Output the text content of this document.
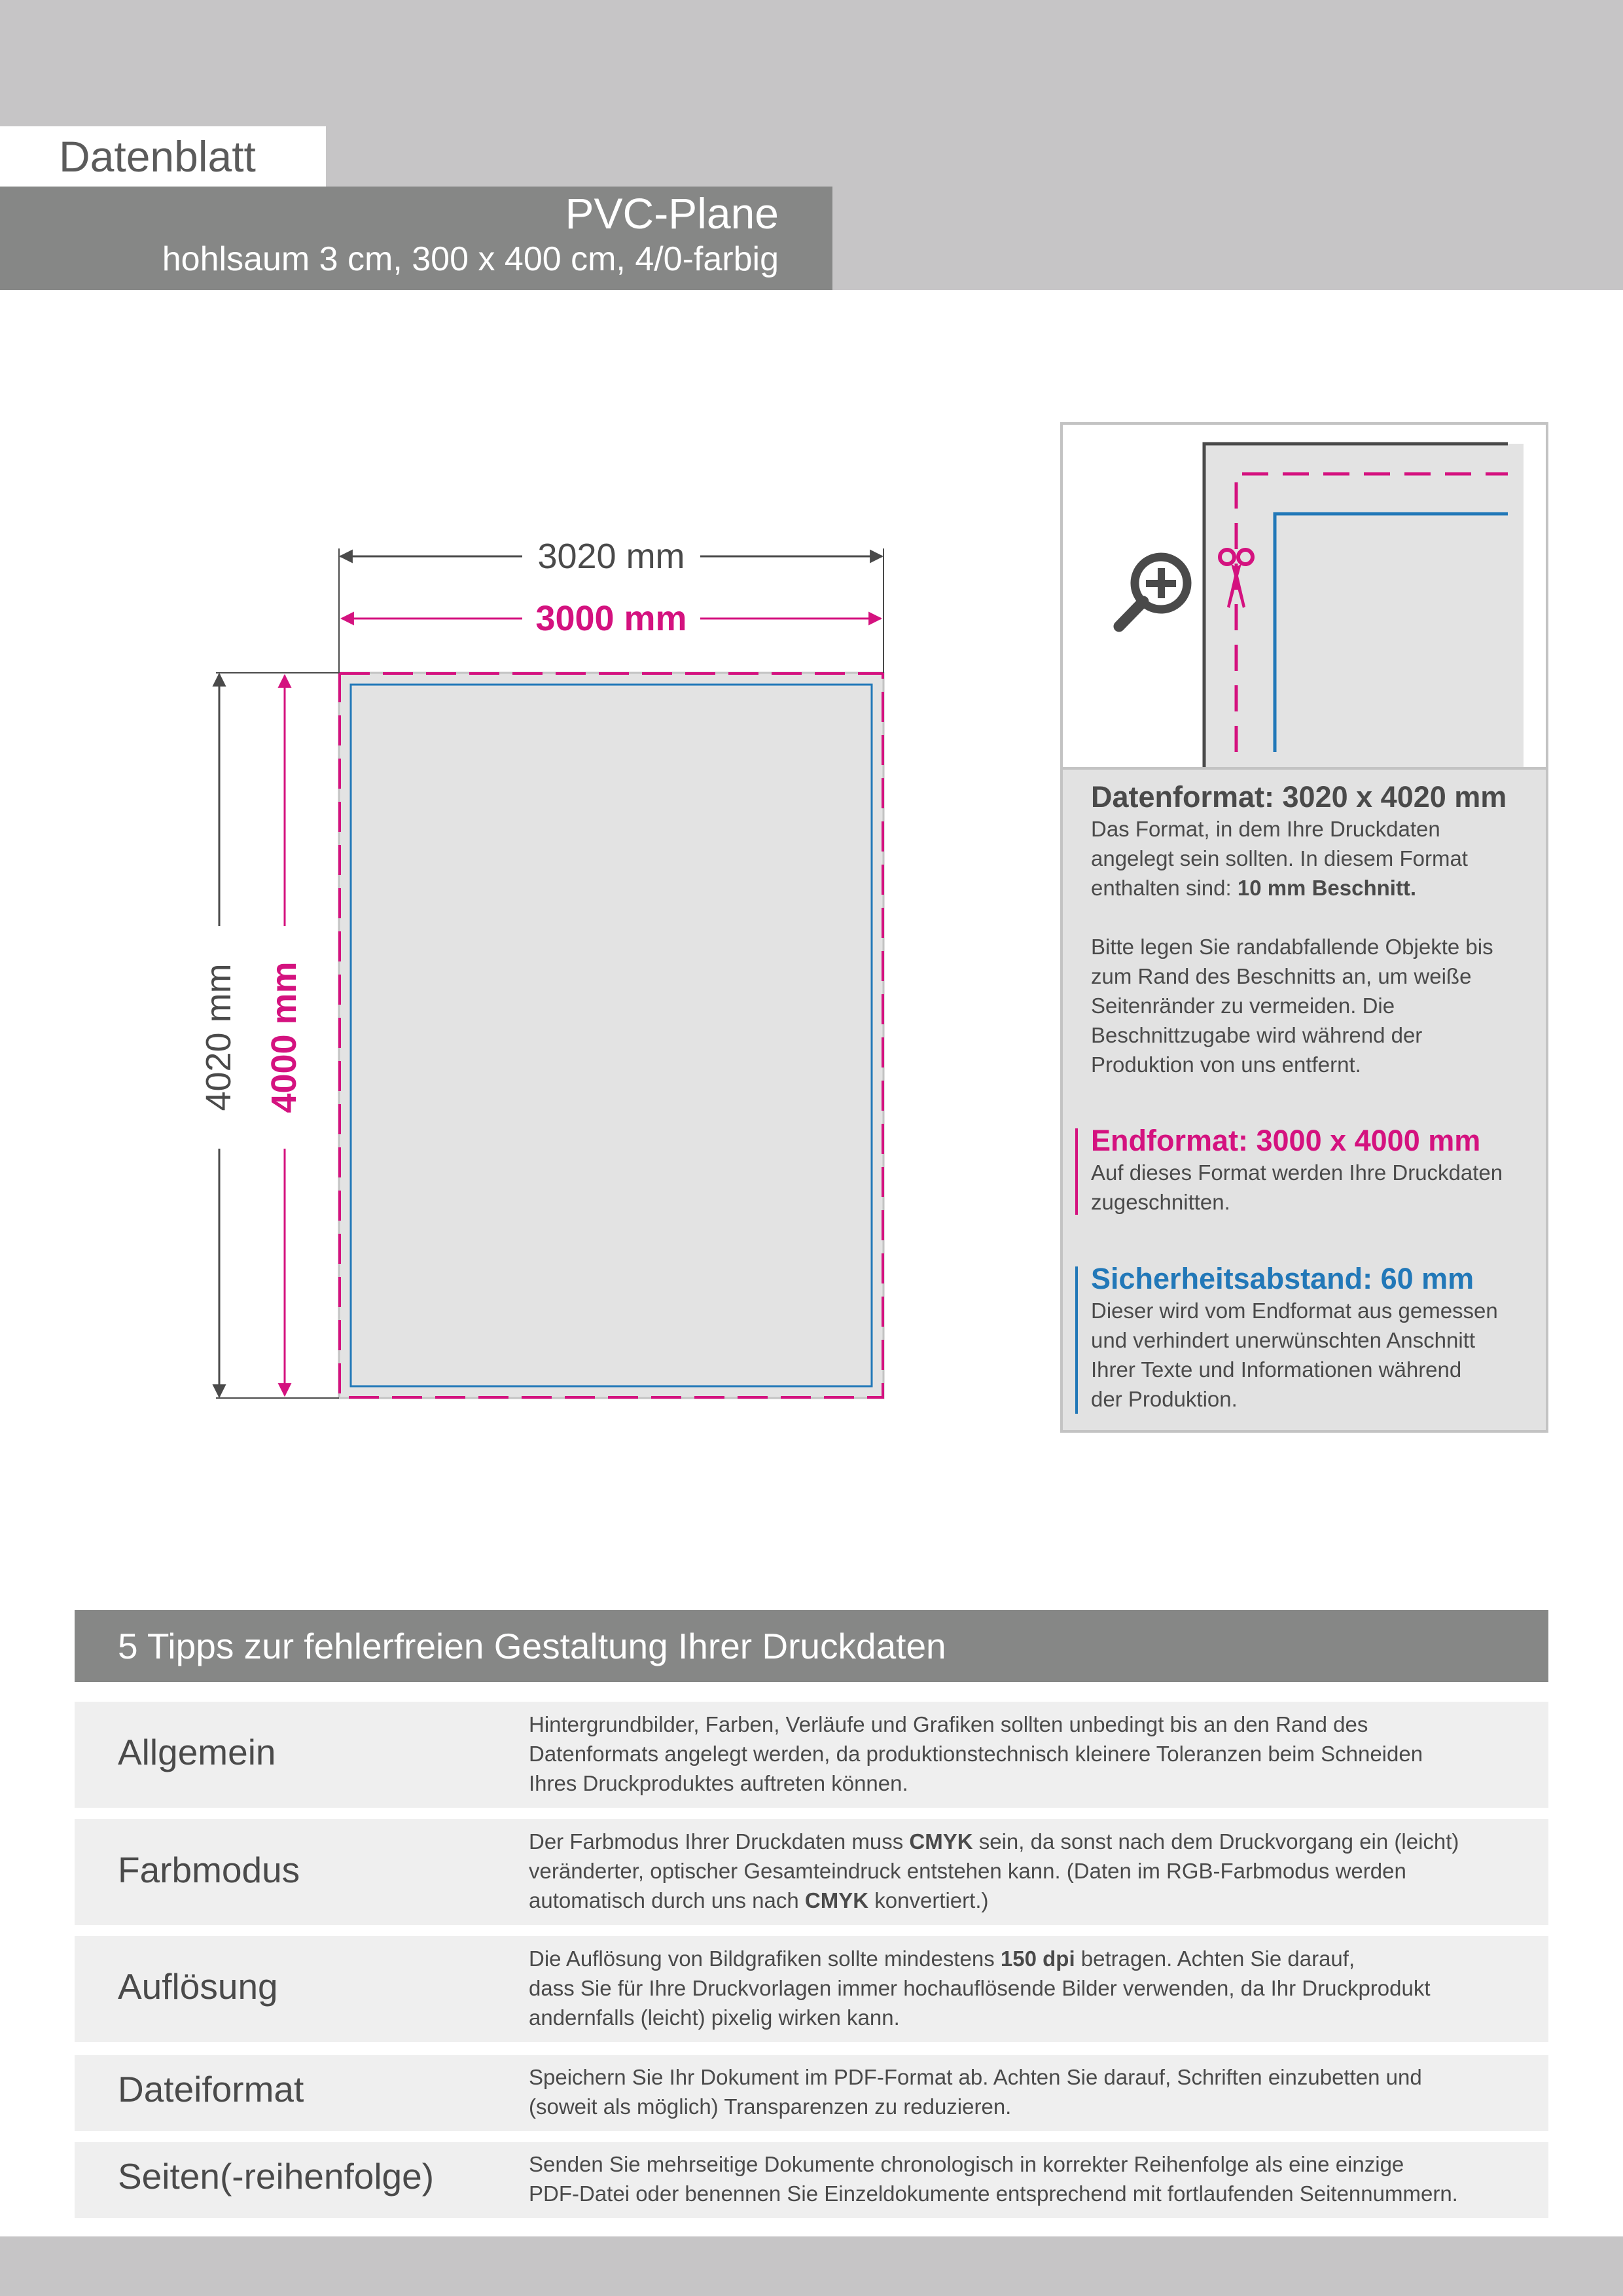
Datenblatt
PVC-Plane
hohlsaum 3 cm, 300 x 400 cm, 4/0-farbig
3020 mm
3000 mm
4020 mm 4000 mm
Datenformat: 3020 x 4020 mm
Das Format, in dem Ihre Druckdaten
angelegt sein sollten. In diesem Format
enthalten sind: 10 mm Beschnitt.
Bitte legen Sie randabfallende Objekte bis
zum Rand des Beschnitts an, um weiße
Seitenränder zu vermeiden. Die
Beschnittzugabe wird während der
Produktion von uns entfernt.
Endformat: 3000 x 4000 mm
Auf dieses Format werden Ihre Druckdaten
zugeschnitten.
Sicherheitsabstand: 60 mm
Dieser wird vom Endformat aus gemessen
und verhindert unerwünschten Anschnitt
Ihrer Texte und Informationen während
der Produktion.
5 Tipps zur fehlerfreien Gestaltung Ihrer Druckdaten
Allgemein
Hintergrundbilder, Farben, Verläufe und Grafiken sollten unbedingt bis an den Rand des
Datenformats angelegt werden, da produktionstechnisch kleinere Toleranzen beim Schneiden
Ihres Druckproduktes auftreten können.
Farbmodus
Der Farbmodus Ihrer Druckdaten muss CMYK sein, da sonst nach dem Druckvorgang ein (leicht)
veränderter, optischer Gesamteindruck entstehen kann. (Daten im RGB-Farbmodus werden
automatisch durch uns nach CMYK konvertiert.)
Auflösung
Die Auflösung von Bildgrafiken sollte mindestens 150 dpi betragen. Achten Sie darauf,
dass Sie für Ihre Druckvorlagen immer hochauflösende Bilder verwenden, da Ihr Druckprodukt
andernfalls (leicht) pixelig wirken kann.
Dateiformat	Speichern Sie Ihr Dokument im PDF-Format ab. Achten Sie darauf, Schriften einzubetten und
(soweit als möglich) Transparenzen zu reduzieren.
Seiten(-reihenfolge)	Senden Sie mehrseitige Dokumente chronologisch in korrekter Reihenfolge als eine einzige
PDF-Datei oder benennen Sie Einzeldokumente entsprechend mit fortlaufenden Seitennummern.
